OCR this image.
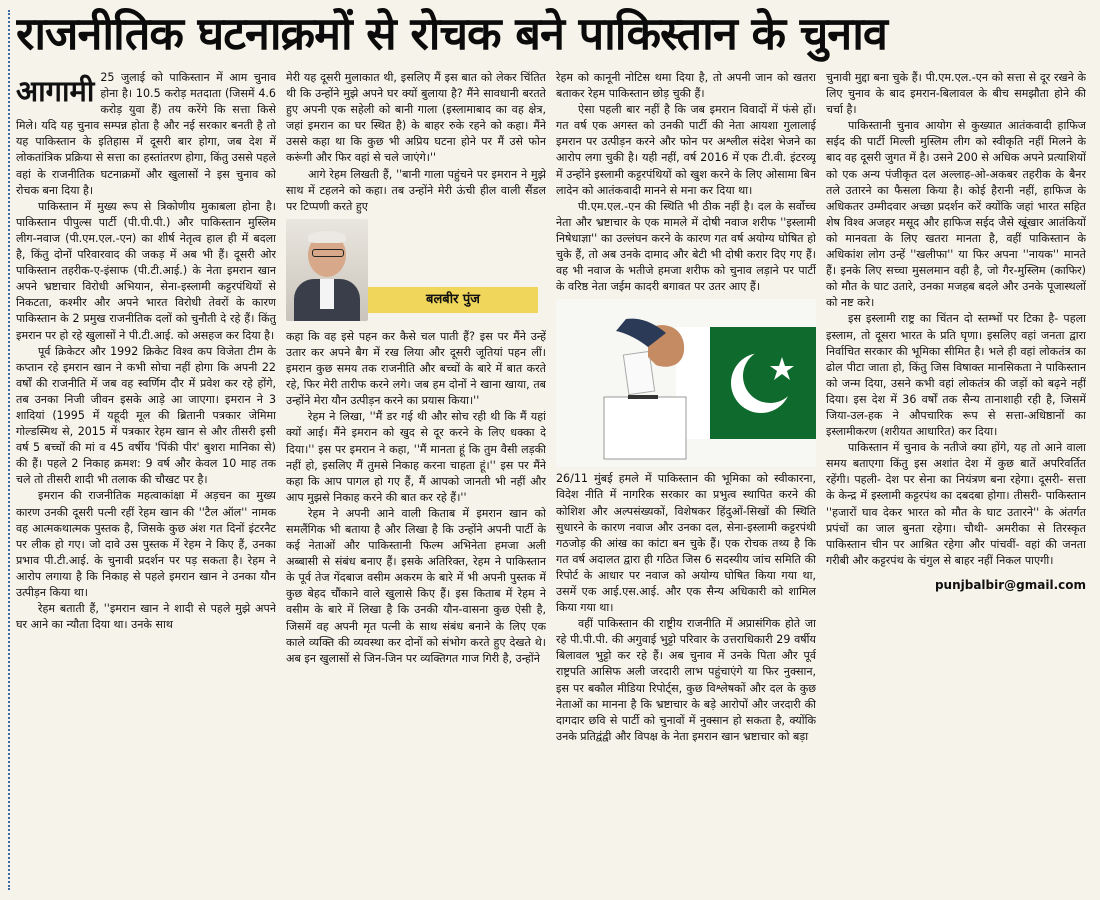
राजनीतिक घटनाक्रमों से रोचक बने पाकिस्तान के चुनाव
आगामी 25 जुलाई को पाकिस्तान में आम चुनाव होना है। 10.5 करोड़ मतदाता (जिसमें 4.6 करोड़ युवा हैं) तय करेंगे कि सत्ता किसे मिले। यदि यह चुनाव सम्पन्न होता है और नई सरकार बनती है तो यह पाकिस्तान के इतिहास में दूसरी बार होगा, जब देश में लोकतांत्रिक प्रक्रिया से सत्ता का हस्तांतरण होगा, किंतु उससे पहले वहां के राजनीतिक घटनाक्रमों और खुलासों ने इस चुनाव को रोचक बना दिया है।

पाकिस्तान में मुख्य रूप से त्रिकोणीय मुकाबला होना है। पाकिस्तान पीपुल्स पार्टी (पी.पी.पी.) और पाकिस्तान मुस्लिम लीग-नवाज (पी.एम.एल.-एन) का शीर्ष नेतृत्व हाल ही में बदला है, किंतु दोनों परिवारवाद की जकड़ में अब भी हैं। दूसरी ओर पाकिस्तान तहरीक-ए-इंसाफ (पी.टी.आई.) के नेता इमरान खान अपने भ्रष्टाचार विरोधी अभियान, सेना-इस्लामी कट्टरपंथियों से निकटता, कश्मीर और अपने भारत विरोधी तेवरों के कारण पाकिस्तान के 2 प्रमुख राजनीतिक दलों को चुनौती दे रहे हैं। किंतु इमरान पर हो रहे खुलासों ने पी.टी.आई. को असहज कर दिया है।

पूर्व क्रिकेटर और 1992 क्रिकेट विश्व कप विजेता टीम के कप्तान रहे इमरान खान ने कभी सोचा नहीं होगा कि अपनी 22 वर्षों की राजनीति में जब वह स्वर्णिम दौर में प्रवेश कर रहे होंगे, तब उनका निजी जीवन इसके आड़े आ जाएगा। इमरान ने 3 शादियां (1995 में यहूदी मूल की ब्रितानी पत्रकार जेमिमा गोल्डस्मिथ से, 2015 में पत्रकार रेहम खान से और तीसरी इसी वर्ष 5 बच्चों की मां व 45 वर्षीय 'पिंकी पीर' बुशरा मानिका से) की हैं। पहले 2 निकाह क्रमश: 9 वर्ष और केवल 10 माह तक चले तो तीसरी शादी भी तलाक की चौखट पर है।

इमरान की राजनीतिक महत्वाकांक्षा में अड़चन का मुख्य कारण उनकी दूसरी पत्नी रहीं रेहम खान की ''टैल ऑल'' नामक वह आत्मकथात्मक पुस्तक है, जिसके कुछ अंश गत दिनों इंटरनैट पर लीक हो गए। जो दावे उस पुस्तक में रेहम ने किए हैं, उनका प्रभाव पी.टी.आई. के चुनावी प्रदर्शन पर पड़ सकता है। रेहम ने आरोप लगाया है कि निकाह से पहले इमरान खान ने उनका यौन उत्पीड़न किया था।

रेहम बताती हैं, ''इमरान खान ने शादी से पहले मुझे अपने घर आने का न्यौता दिया था। उनके साथ

मेरी यह दूसरी मुलाकात थी, इसलिए मैं इस बात को लेकर चिंतित थी कि उन्होंने मुझे अपने घर क्यों बुलाया है? मैंने सावधानी बरतते हुए अपनी एक सहेली को बानी गाला (इस्लामाबाद का वह क्षेत्र, जहां इमरान का घर स्थित है) के बाहर रुके रहने को कहा। मैंने उससे कहा था कि कुछ भी अप्रिय घटना होने पर मैं उसे फोन करूंगी और फिर वहां से चले जाएंगे।''

आगे रेहम लिखती हैं, ''बानी गाला पहुंचने पर इमरान ने मुझे साथ में टहलने को कहा। तब उन्होंने मेरी ऊंची हील वाली सैंडल पर टिप्पणी करते हुए

बलबीर पुंज

कहा कि वह इसे पहन कर कैसे चल पाती हैं? इस पर मैंने उन्हें उतार कर अपने बैग में रख लिया और दूसरी जूतियां पहन लीं। इमरान कुछ समय तक राजनीति और बच्चों के बारे में बात करते रहे, फिर मेरी तारीफ करने लगे। जब हम दोनों ने खाना खाया, तब उन्होंने मेरा यौन उत्पीड़न करने का प्रयास किया।''

रेहम ने लिखा, ''मैं डर गई थी और सोच रही थी कि मैं यहां क्यों आई। मैंने इमरान को खुद से दूर करने के लिए धक्का दे दिया।'' इस पर इमरान ने कहा, ''मैं मानता हूं कि तुम वैसी लड़की नहीं हो, इसलिए मैं तुमसे निकाह करना चाहता हूं।'' इस पर मैंने कहा कि आप पागल हो गए हैं, मैं आपको जानती भी नहीं और आप मुझसे निकाह करने की बात कर रहे हैं।''

रेहम ने अपनी आने वाली किताब में इमरान खान को समलैंगिक भी बताया है और लिखा है कि उन्होंने अपनी पार्टी के कई नेताओं और पाकिस्तानी फिल्म अभिनेता हमजा अली अब्बासी से संबंध बनाए हैं। इसके अतिरिक्त, रेहम ने पाकिस्तान के पूर्व तेज गेंदबाज वसीम अकरम के बारे में भी अपनी पुस्तक में कुछ बेहद चौंकाने वाले खुलासे किए हैं। इस किताब में रेहम ने वसीम के बारे में लिखा है कि उनकी यौन-वासना कुछ ऐसी है, जिसमें वह अपनी मृत पत्नी के साथ संबंध बनाने के लिए एक काले व्यक्ति की व्यवस्था कर दोनों को संभोग करते हुए देखते थे। अब इन खुलासों से जिन-जिन पर व्यक्तिगत गाज गिरी है, उन्होंने

रेहम को कानूनी नोटिस थमा दिया है, तो अपनी जान को खतरा बताकर रेहम पाकिस्तान छोड़ चुकी हैं।

ऐसा पहली बार नहीं है कि जब इमरान विवादों में फंसे हों। गत वर्ष एक अगस्त को उनकी पार्टी की नेता आयशा गुलालाई इमरान पर उत्पीड़न करने और फोन पर अश्लील संदेश भेजने का आरोप लगा चुकी है। यही नहीं, वर्ष 2016 में एक टी.वी. इंटरव्यू में उन्होंने इस्लामी कट्टरपंथियों को खुश करने के लिए ओसामा बिन लादेन को आतंकवादी मानने से मना कर दिया था।

पी.एम.एल.-एन की स्थिति भी ठीक नहीं है। दल के सर्वोच्च नेता और भ्रष्टाचार के एक मामले में दोषी नवाज शरीफ ''इस्लामी निषेधाज्ञा'' का उल्लंघन करने के कारण गत वर्ष अयोग्य घोषित हो चुके हैं, तो अब उनके दामाद और बेटी भी दोषी करार दिए गए हैं। वह भी नवाज के भतीजे हमजा शरीफ को चुनाव लड़ाने पर पार्टी के वरिष्ठ नेता जईम कादरी बगावत पर उतर आए हैं।

26/11 मुंबई हमले में पाकिस्तान की भूमिका को स्वीकारना, विदेश नीति में नागरिक सरकार का प्रभुत्व स्थापित करने की कोशिश और अल्पसंख्यकों, विशेषकर हिंदुओं-सिखों की स्थिति सुधारने के कारण नवाज और उनका दल, सेना-इस्लामी कट्टरपंथी गठजोड़ की आंख का कांटा बन चुके हैं। एक रोचक तथ्य है कि गत वर्ष अदालत द्वारा ही गठित जिस 6 सदस्यीय जांच समिति की रिपोर्ट के आधार पर नवाज को अयोग्य घोषित किया गया था, उसमें एक आई.एस.आई. और एक सैन्य अधिकारी को शामिल किया गया था।

वहीं पाकिस्तान की राष्ट्रीय राजनीति में अप्रासंगिक होते जा रहे पी.पी.पी. की अगुवाई भुट्टो परिवार के उत्तराधिकारी 29 वर्षीय बिलावल भुट्टो कर रहे हैं। अब चुनाव में उनके पिता और पूर्व राष्ट्रपति आसिफ अली जरदारी लाभ पहुंचाएंगे या फिर नुक्सान, इस पर बकौल मीडिया रिपोर्ट्स, कुछ विश्लेषकों और दल के कुछ नेताओं का मानना है कि भ्रष्टाचार के बड़े आरोपों और जरदारी की दागदार छवि से पार्टी को चुनावों में नुक्सान हो सकता है, क्योंकि उनके प्रतिद्वंद्वी और विपक्ष के नेता इमरान खान भ्रष्टाचार को बड़ा

चुनावी मुद्दा बना चुके हैं। पी.एम.एल.-एन को सत्ता से दूर रखने के लिए चुनाव के बाद इमरान-बिलावल के बीच समझौता होने की चर्चा है।

पाकिस्तानी चुनाव आयोग से कुख्यात आतंकवादी हाफिज सईद की पार्टी मिल्ली मुस्लिम लीग को स्वीकृति नहीं मिलने के बाद वह दूसरी जुगत में है। उसने 200 से अधिक अपने प्रत्याशियों को एक अन्य पंजीकृत दल अल्लाह-ओ-अकबर तहरीक के बैनर तले उतारने का फैसला किया है। कोई हैरानी नहीं, हाफिज के अधिकतर उम्मीदवार अच्छा प्रदर्शन करें क्योंकि जहां भारत सहित शेष विश्व अजहर मसूद और हाफिज सईद जैसे खूंखार आतंकियों को मानवता के लिए खतरा मानता है, वहीं पाकिस्तान के अधिकांश लोग उन्हें ''खलीफा'' या फिर अपना ''नायक'' मानते हैं। इनके लिए सच्चा मुसलमान वही है, जो गैर-मुस्लिम (काफिर) को मौत के घाट उतारे, उनका मजहब बदले और उनके पूजास्थलों को नष्ट करे।

इस इस्लामी राष्ट्र का चिंतन दो स्तम्भों पर टिका है- पहला इस्लाम, तो दूसरा भारत के प्रति घृणा। इसलिए वहां जनता द्वारा निर्वाचित सरकार की भूमिका सीमित है। भले ही वहां लोकतंत्र का ढोल पीटा जाता हो, किंतु जिस विषाक्त मानसिकता ने पाकिस्तान को जन्म दिया, उसने कभी वहां लोकतंत्र की जड़ों को बढ़ने नहीं दिया। इस देश में 36 वर्षों तक सैन्य तानाशाही रही है, जिसमें जिया-उल-हक ने औपचारिक रूप से सत्ता-अधिष्ठानों का इस्लामीकरण (शरीयत आधारित) कर दिया।

पाकिस्तान में चुनाव के नतीजे क्या होंगे, यह तो आने वाला समय बताएगा किंतु इस अशांत देश में कुछ बातें अपरिवर्तित रहेंगी। पहली- देश पर सेना का नियंत्रण बना रहेगा। दूसरी- सत्ता के केन्द्र में इस्लामी कट्टरपंथ का दबदबा होगा। तीसरी- पाकिस्तान ''हजारों घाव देकर भारत को मौत के घाट उतारने'' के अंतर्गत प्रपंचों का जाल बुनता रहेगा। चौथी- अमरीका से तिरस्कृत पाकिस्तान चीन पर आश्रित रहेगा और पांचवीं- वहां की जनता गरीबी और कट्टरपंथ के चंगुल से बाहर नहीं निकल पाएगी।

punjbalbir@gmail.com
